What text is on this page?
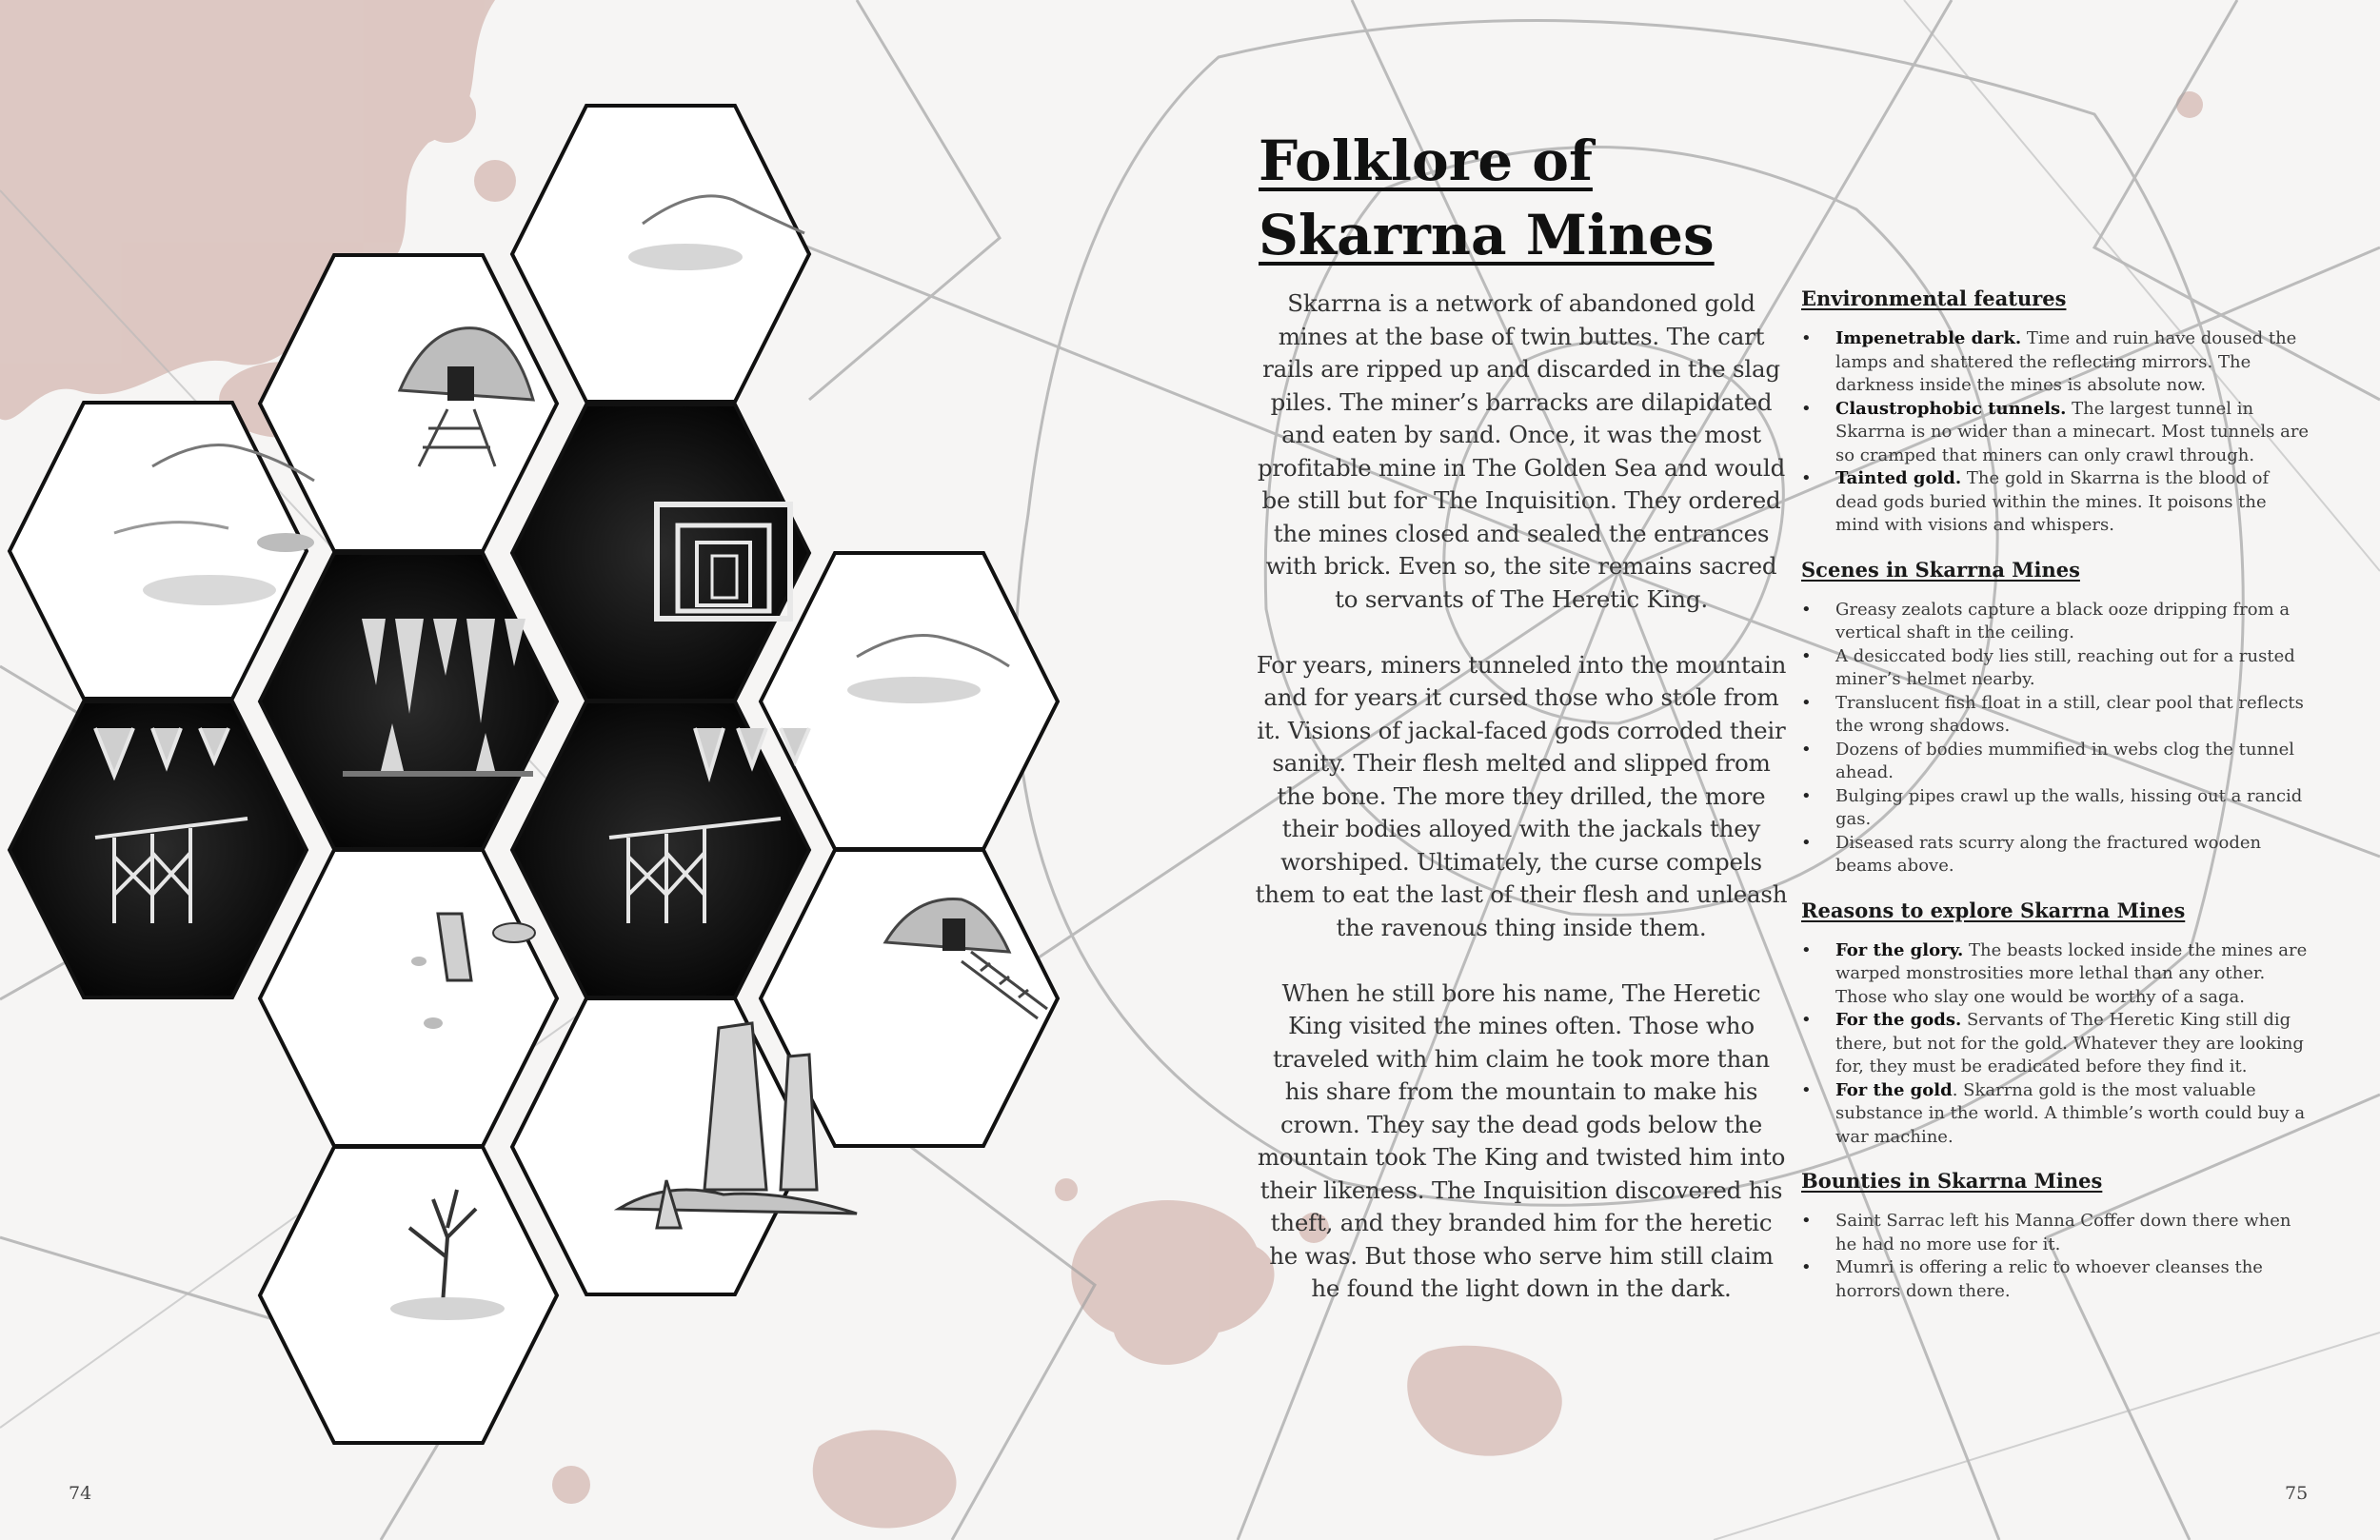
Folklore of
Skarrna Mines

Skarrna is a network of abandoned gold mines at the base of twin buttes. The cart rails are ripped up and discarded in the slag piles. The miner’s barracks are dilapidated and eaten by sand. Once, it was the most profitable mine in The Golden Sea and would be still but for The Inquisition. They ordered the mines closed and sealed the entrances with brick. Even so, the site remains sacred to servants of The Heretic King.

For years, miners tunneled into the mountain and for years it cursed those who stole from it. Visions of jackal-faced gods corroded their sanity. Their flesh melted and slipped from the bone. The more they drilled, the more their bodies alloyed with the jackals they worshiped. Ultimately, the curse compels them to eat the last of their flesh and unleash the ravenous thing inside them.

When he still bore his name, The Heretic King visited the mines often. Those who traveled with him claim he took more than his share from the mountain to make his crown. They say the dead gods below the mountain took The King and twisted him into their likeness. The Inquisition discovered his theft, and they branded him for the heretic he was. But those who serve him still claim he found the light down in the dark.

Environmental features
• Impenetrable dark. Time and ruin have doused the lamps and shattered the reflecting mirrors. The darkness inside the mines is absolute now.
• Claustrophobic tunnels. The largest tunnel in Skarrna is no wider than a minecart. Most tunnels are so cramped that miners can only crawl through.
• Tainted gold. The gold in Skarrna is the blood of dead gods buried within the mines. It poisons the mind with visions and whispers.
Scenes in Skarrna Mines
• Greasy zealots capture a black ooze dripping from a vertical shaft in the ceiling.
• A desiccated body lies still, reaching out for a rusted miner’s helmet nearby.
• Translucent fish float in a still, clear pool that reflects the wrong shadows.
• Dozens of bodies mummified in webs clog the tunnel ahead.
• Bulging pipes crawl up the walls, hissing out a rancid gas.
• Diseased rats scurry along the fractured wooden beams above.
Reasons to explore Skarrna Mines
• For the glory. The beasts locked inside the mines are warped monstrosities more lethal than any other. Those who slay one would be worthy of a saga.
• For the gods. Servants of The Heretic King still dig there, but not for the gold. Whatever they are looking for, they must be eradicated before they find it.
• For the gold. Skarrna gold is the most valuable substance in the world. A thimble’s worth could buy a war machine.
Bounties in Skarrna Mines
• Saint Sarrac left his Manna Coffer down there when he had no more use for it.
• Mumri is offering a relic to whoever cleanses the horrors down there.
74	75
